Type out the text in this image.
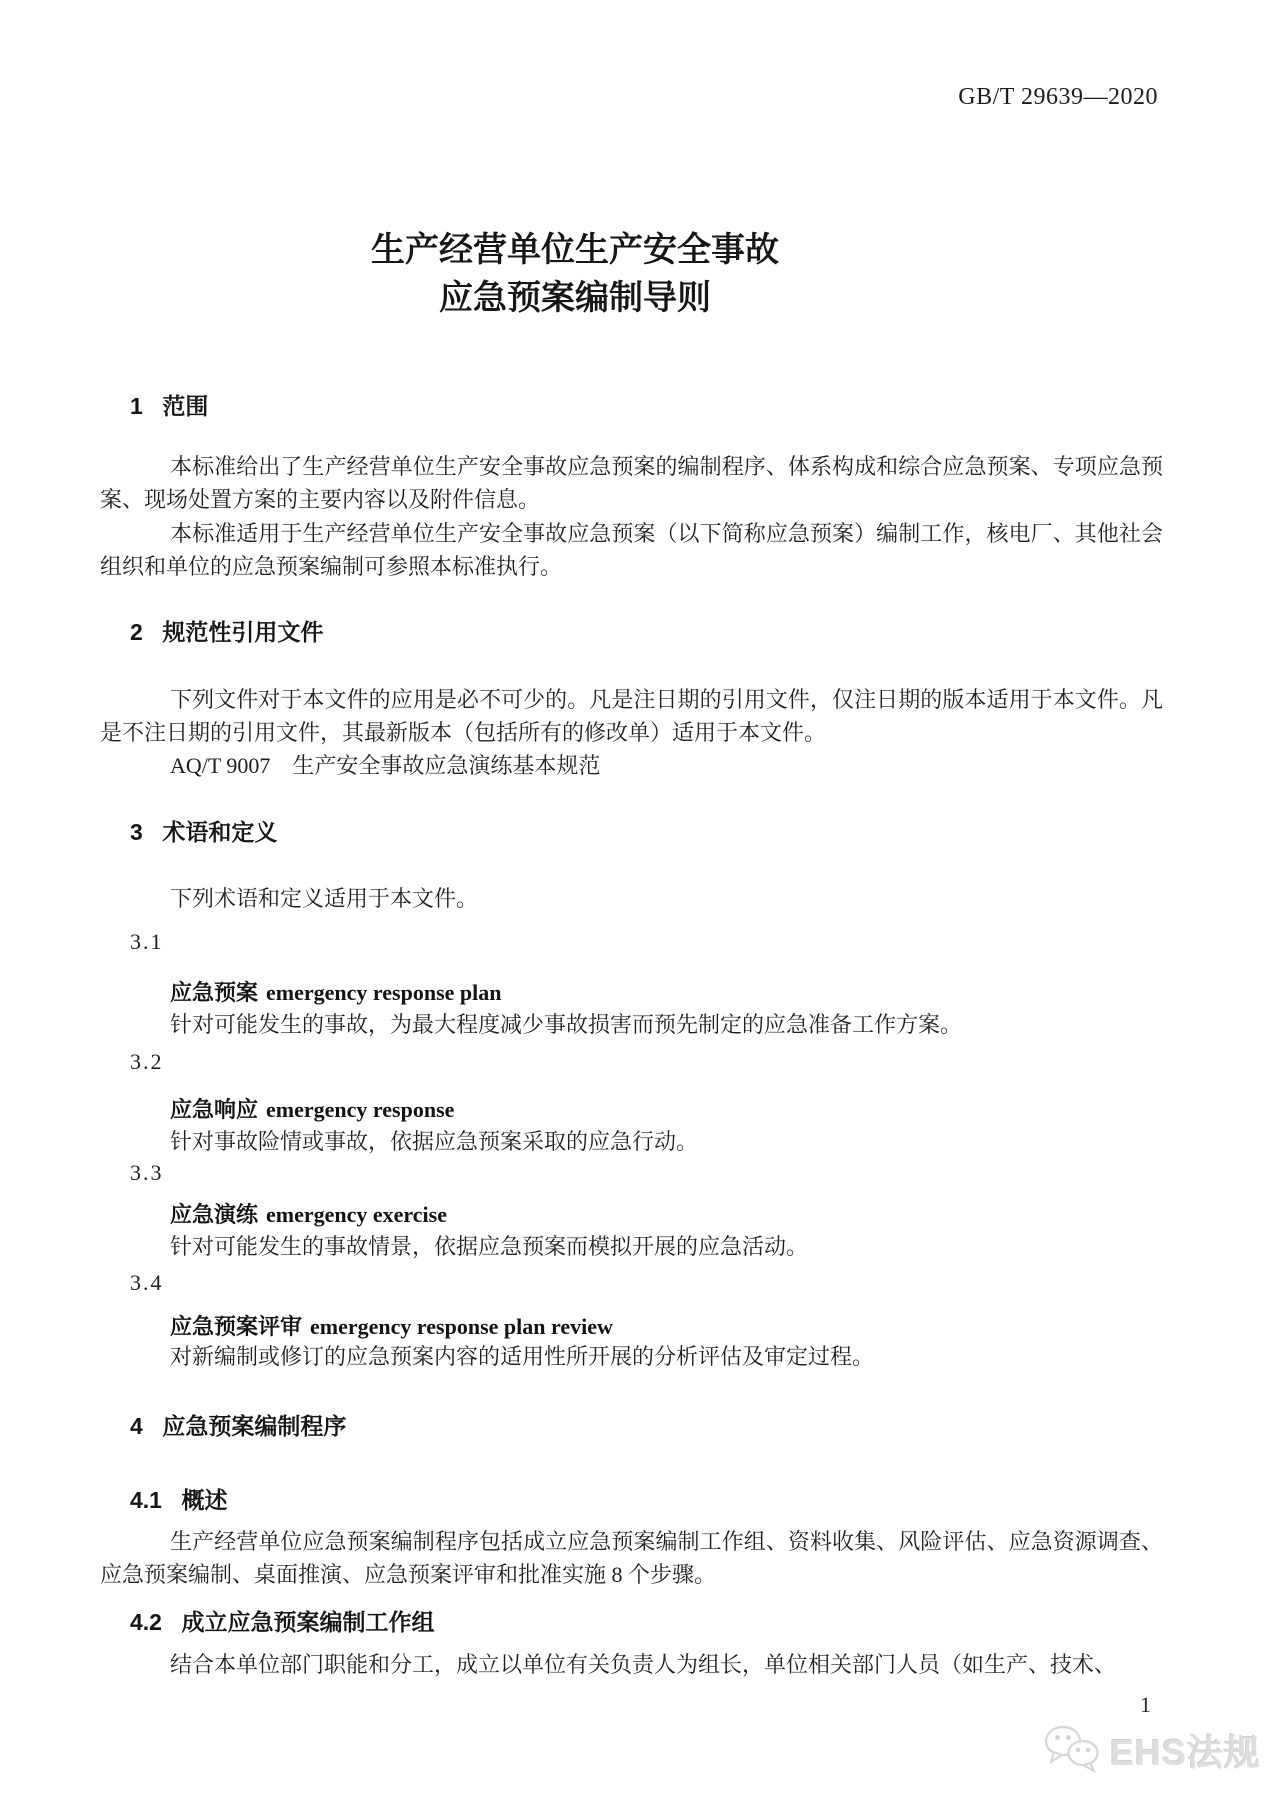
GB/T 29639—2020
生产经营单位生产安全事故
应急预案编制导则
1 范围
本标准给出了生产经营单位生产安全事故应急预案的编制程序、体系构成和综合应急预案、专项应急预案、现场处置方案的主要内容以及附件信息。
本标准适用于生产经营单位生产安全事故应急预案（以下简称应急预案）编制工作，核电厂、其他社会组织和单位的应急预案编制可参照本标准执行。
2 规范性引用文件
下列文件对于本文件的应用是必不可少的。凡是注日期的引用文件，仅注日期的版本适用于本文件。凡是不注日期的引用文件，其最新版本（包括所有的修改单）适用于本文件。
AQ/T 9007　生产安全事故应急演练基本规范
3 术语和定义
下列术语和定义适用于本文件。
3.1
应急预案 emergency response plan
针对可能发生的事故，为最大程度减少事故损害而预先制定的应急准备工作方案。
3.2
应急响应 emergency response
针对事故险情或事故，依据应急预案采取的应急行动。
3.3
应急演练 emergency exercise
针对可能发生的事故情景，依据应急预案而模拟开展的应急活动。
3.4
应急预案评审 emergency response plan review
对新编制或修订的应急预案内容的适用性所开展的分析评估及审定过程。
4 应急预案编制程序
4.1 概述
生产经营单位应急预案编制程序包括成立应急预案编制工作组、资料收集、风险评估、应急资源调查、应急预案编制、桌面推演、应急预案评审和批准实施 8 个步骤。
4.2 成立应急预案编制工作组
结合本单位部门职能和分工，成立以单位有关负责人为组长，单位相关部门人员（如生产、技术、
1
EHS法规
